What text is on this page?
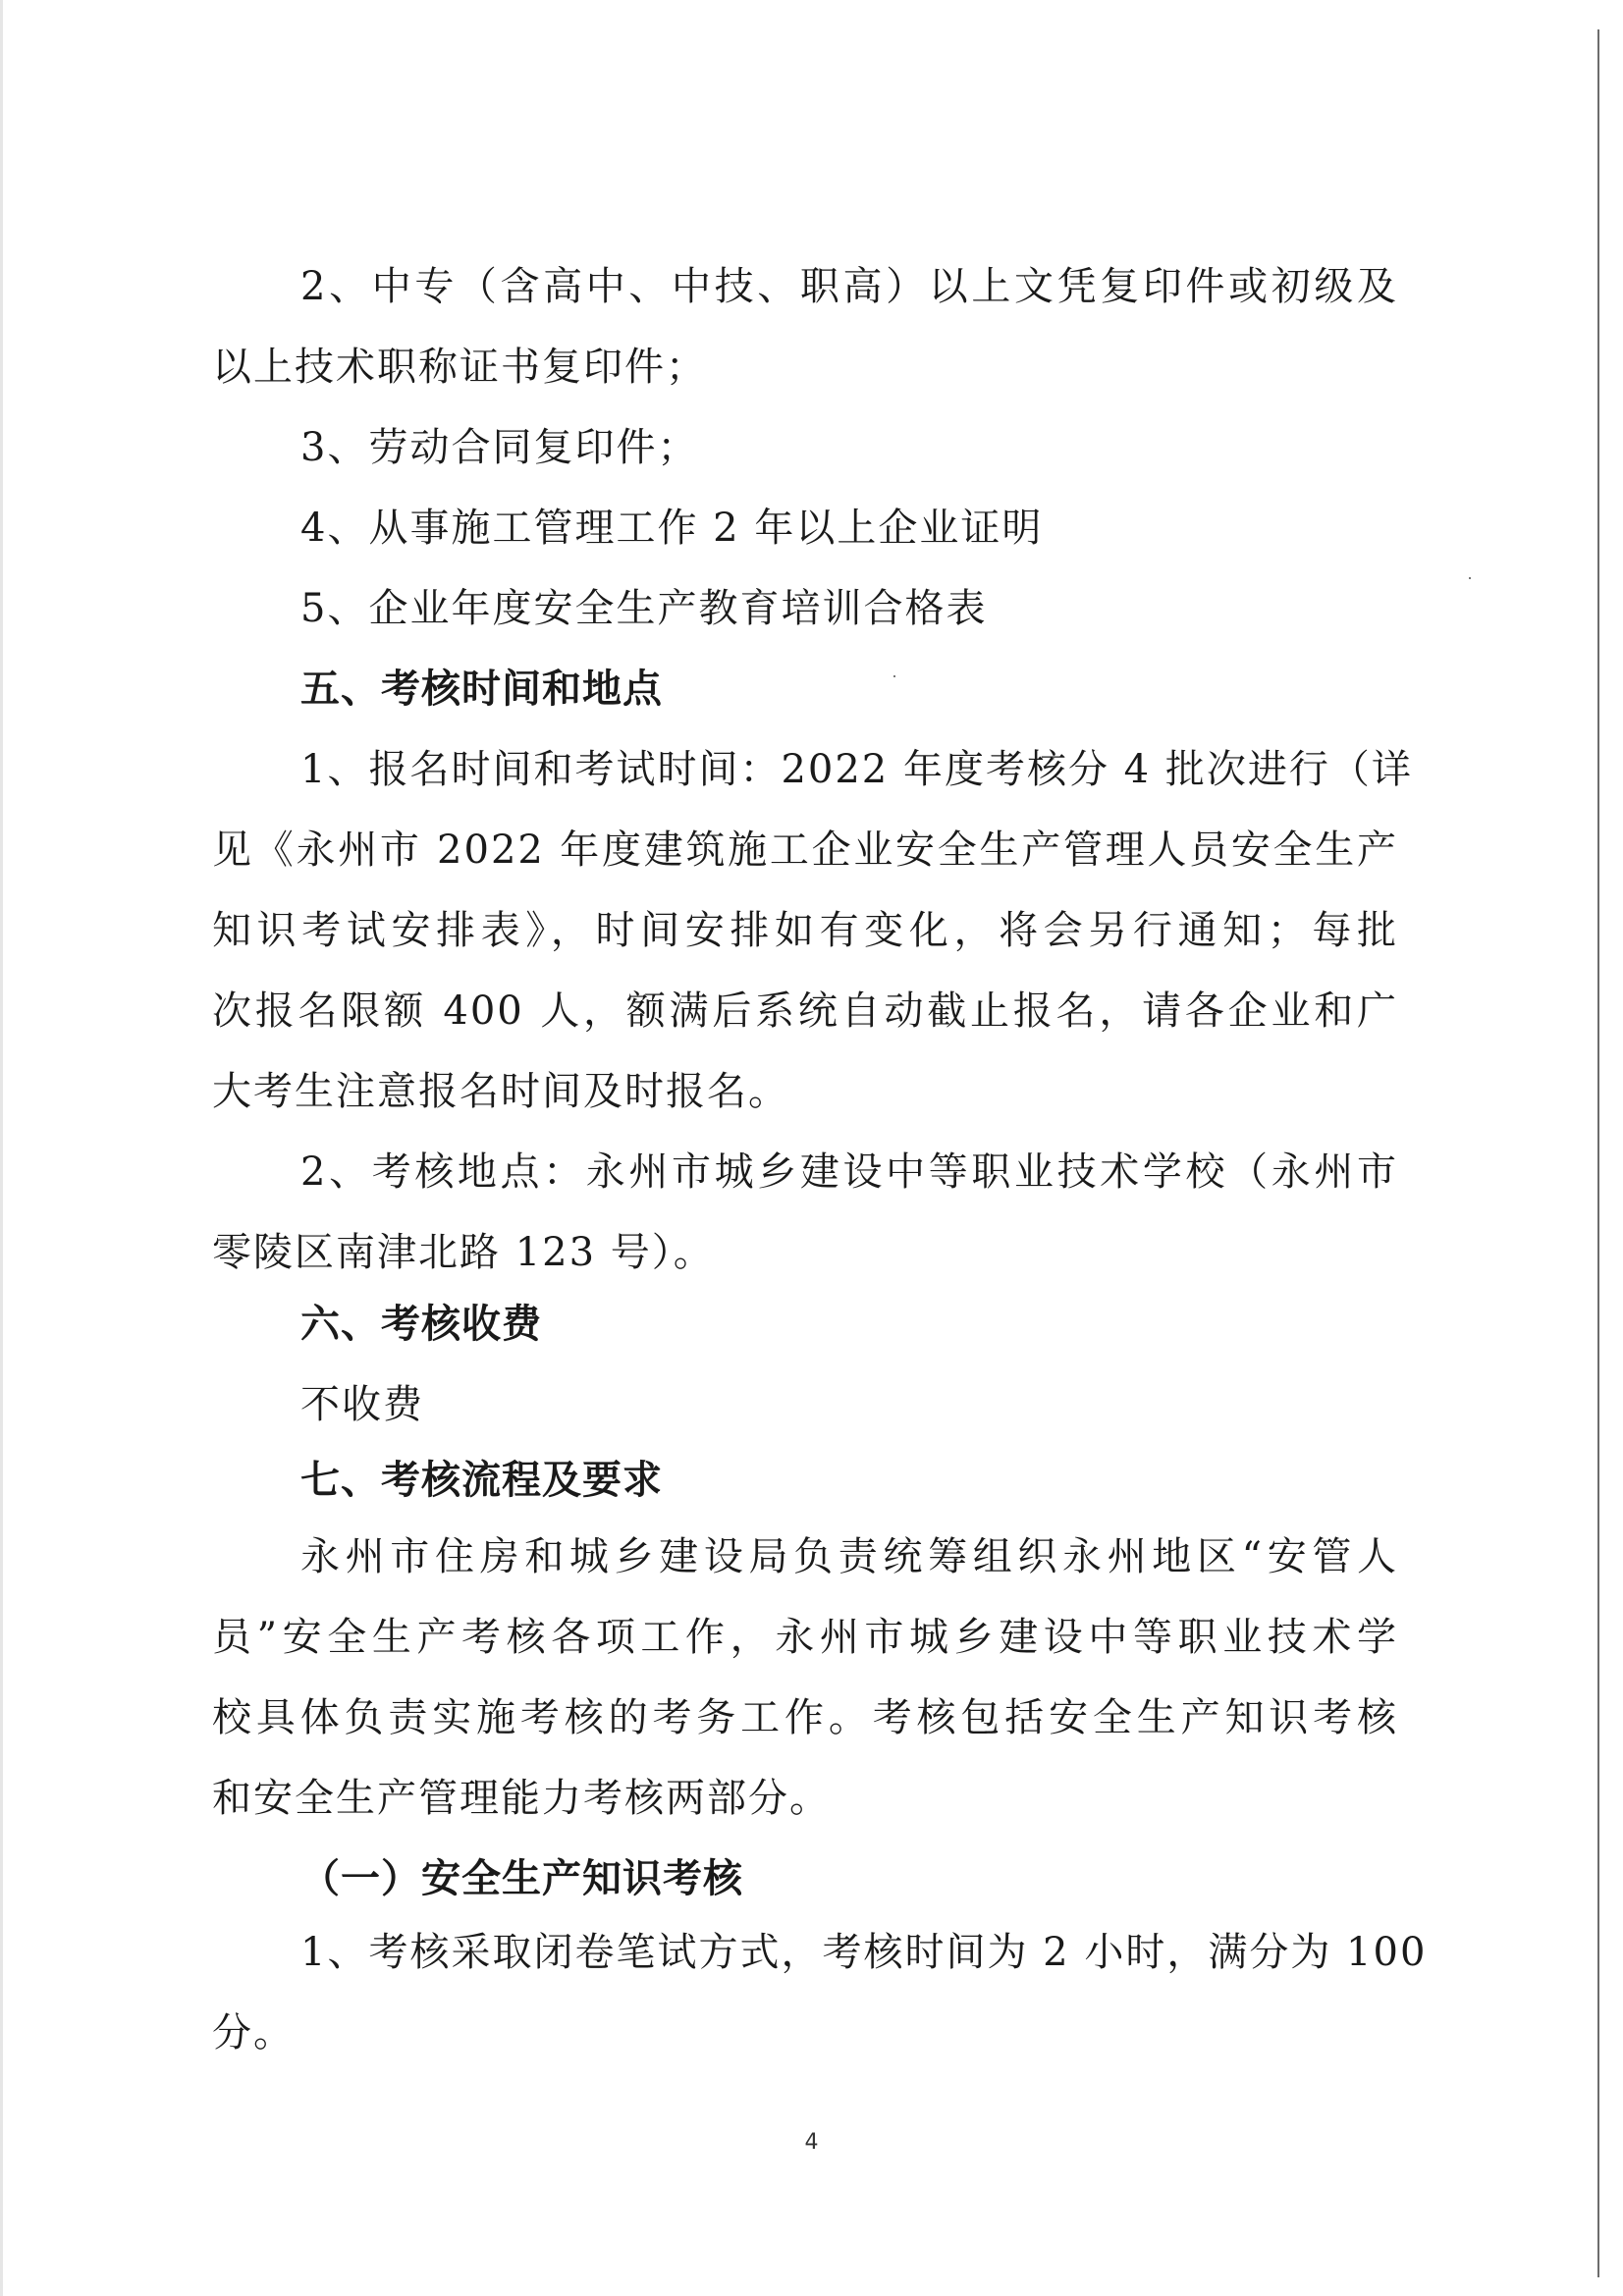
2、中专（含高中、中技、职高）以上文凭复印件或初级及
以上技术职称证书复印件；
3、劳动合同复印件；
4、从事施工管理工作 2 年以上企业证明
5、企业年度安全生产教育培训合格表
五、考核时间和地点
1、报名时间和考试时间：2022 年度考核分 4 批次进行（详
见《永州市 2022 年度建筑施工企业安全生产管理人员安全生产
知识考试安排表》，时间安排如有变化，将会另行通知；每批
次报名限额 400 人，额满后系统自动截止报名，请各企业和广
大考生注意报名时间及时报名。
2、考核地点：永州市城乡建设中等职业技术学校（永州市
零陵区南津北路 123 号）。
六、考核收费
不收费
七、考核流程及要求
永州市住房和城乡建设局负责统筹组织永州地区“安管人
员”安全生产考核各项工作，永州市城乡建设中等职业技术学
校具体负责实施考核的考务工作。考核包括安全生产知识考核
和安全生产管理能力考核两部分。
（一）安全生产知识考核
1、考核采取闭卷笔试方式，考核时间为 2 小时，满分为 100
分。
4
